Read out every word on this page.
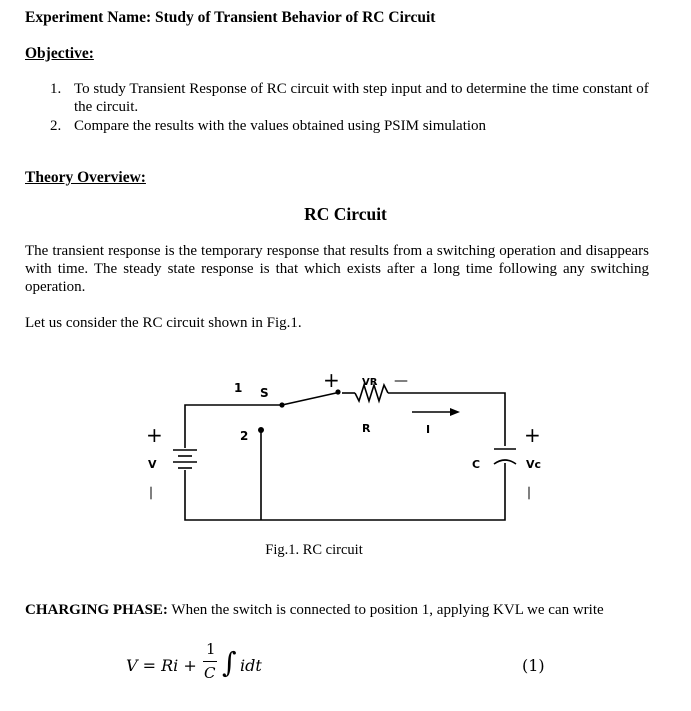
Experiment Name: Study of Transient Behavior of RC Circuit
Objective:
1. To study Transient Response of RC circuit with step input and to determine the time constant of the circuit.
2. Compare the results with the values obtained using PSIM simulation
Theory Overview:
RC Circuit

The transient response is the temporary response that results from a switching operation and disappears with time. The steady state response is that which exists after a long time following any switching operation.

Let us consider the RC circuit shown in Fig.1.

1 S
2
+ VR —
R	I
+
V
—
C
+
Vc
—
Fig.1. RC circuit
CHARGING PHASE: When the switch is connected to position 1, applying KVL we can write
V = Ri +
1
C ∫ idt	(1)
